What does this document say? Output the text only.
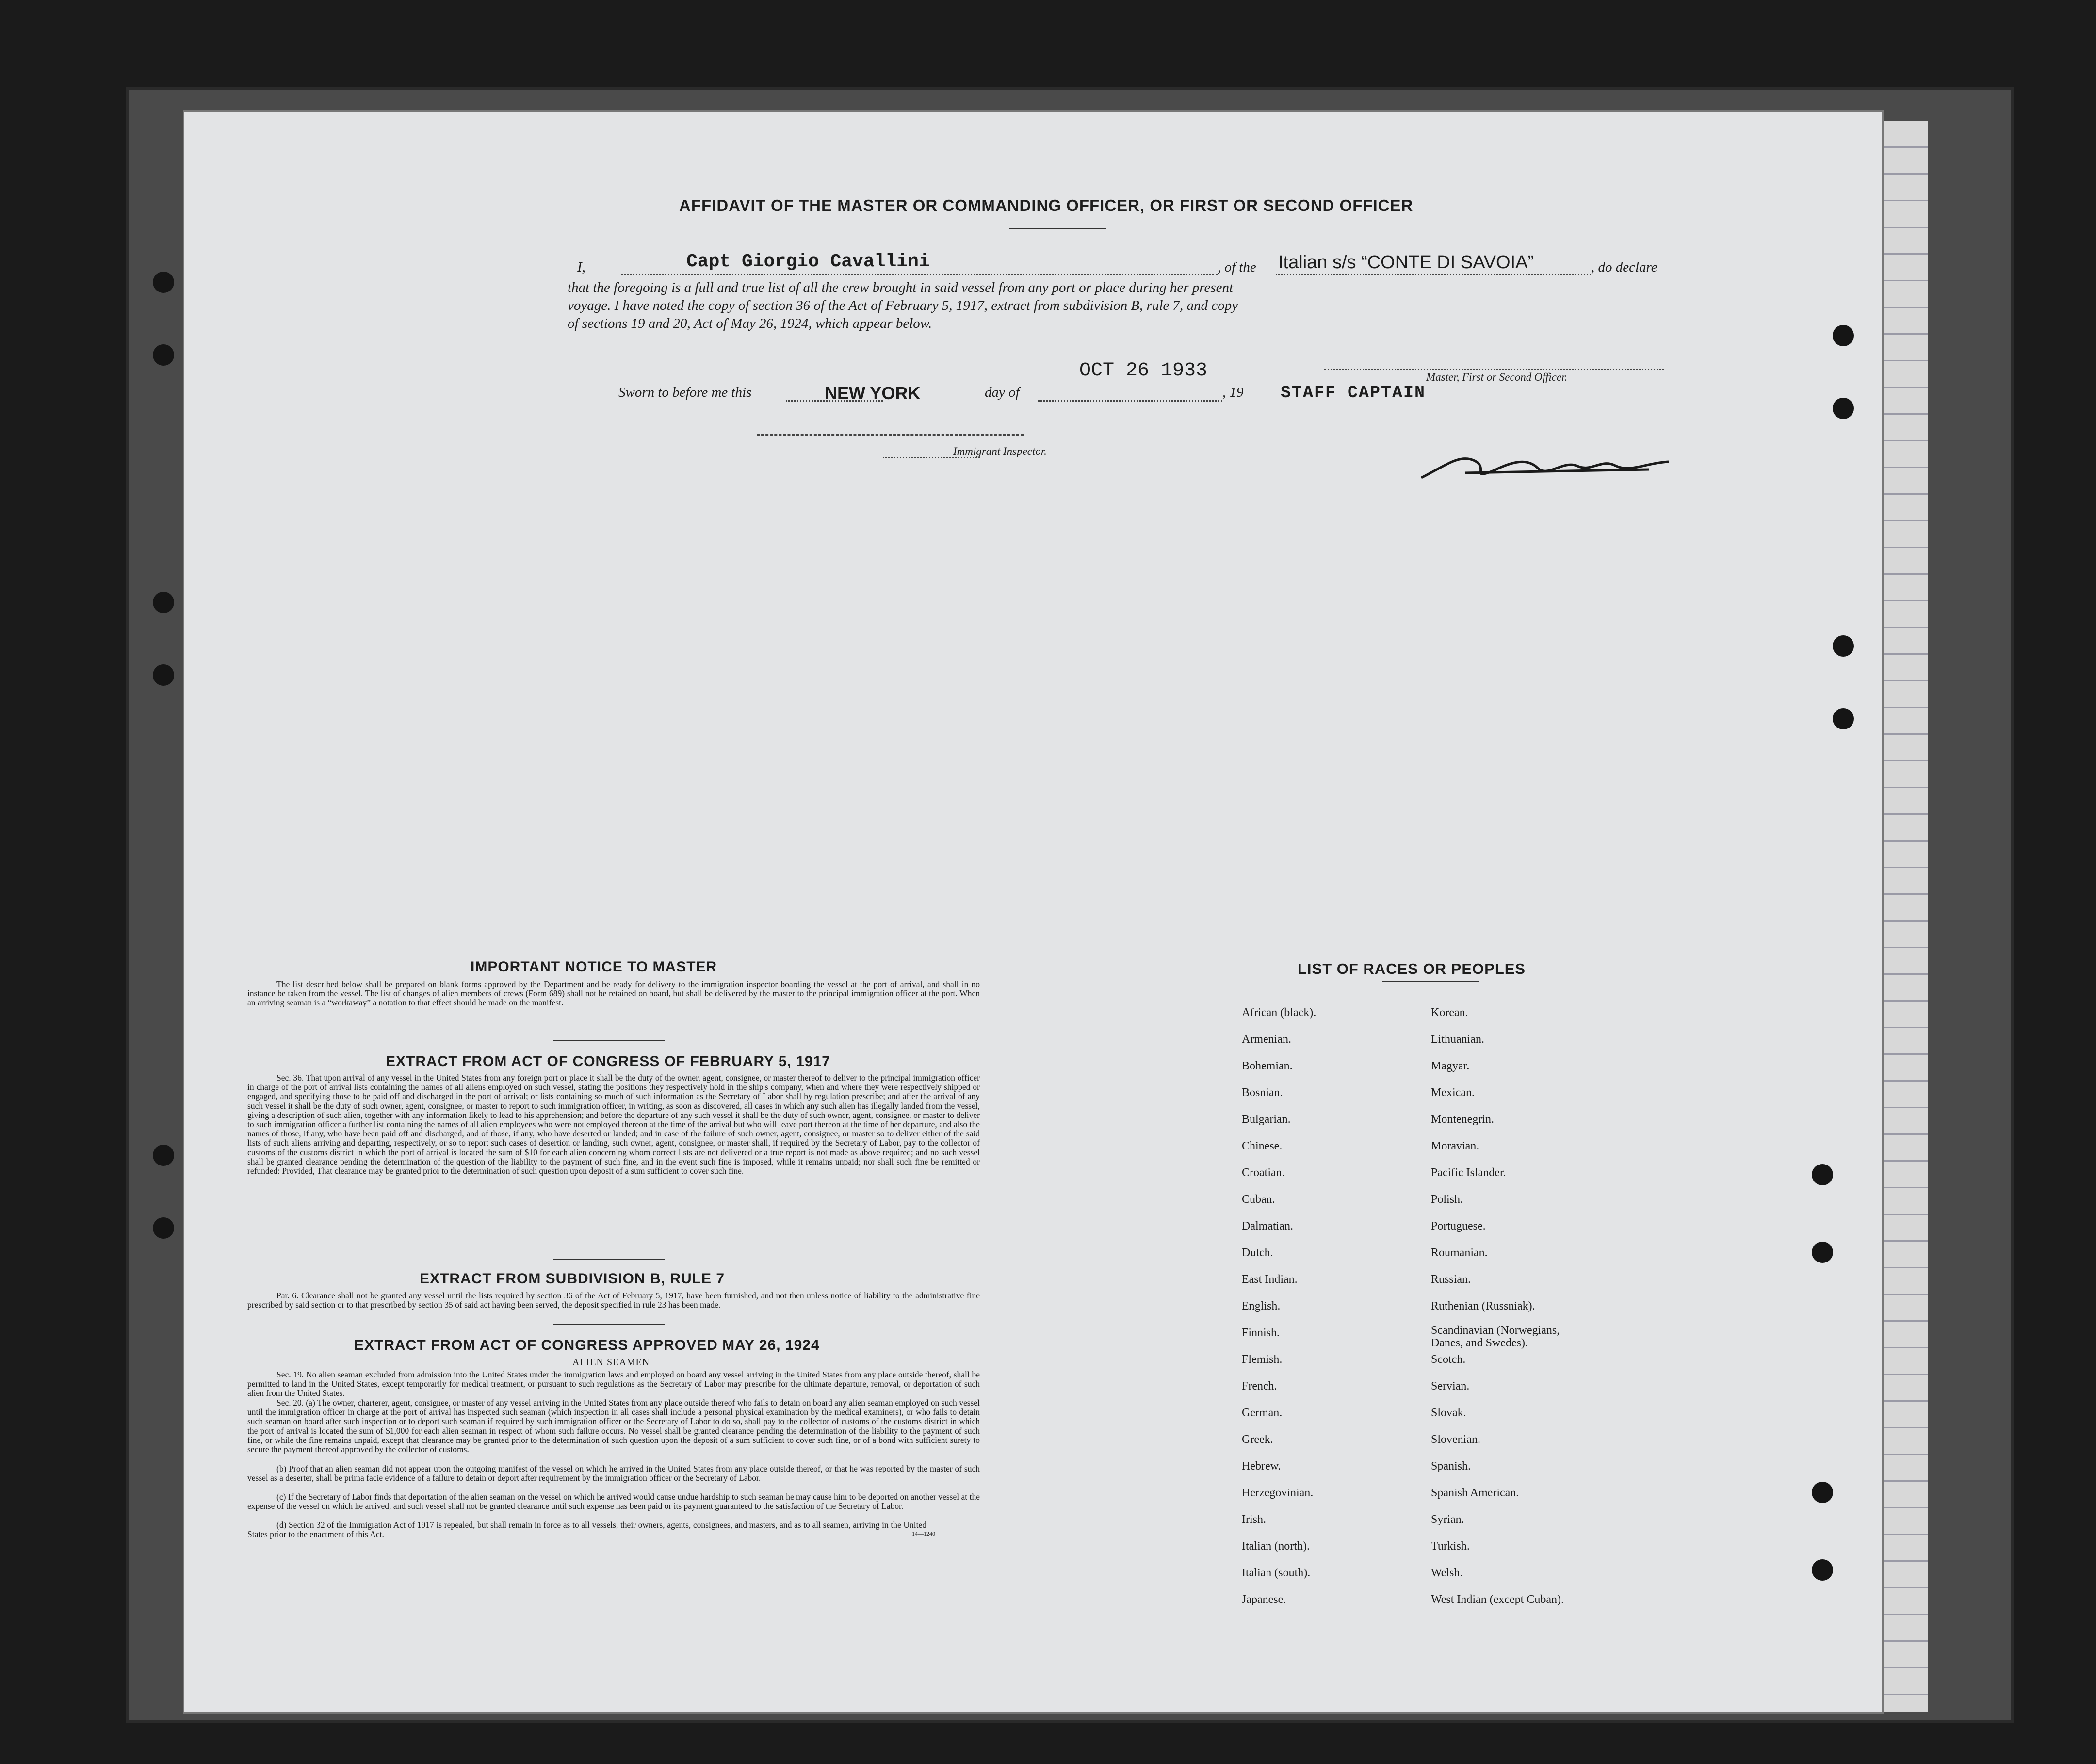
AFFIDAVIT OF THE MASTER OR COMMANDING OFFICER, OR FIRST OR SECOND OFFICER
I,	Capt Giorgio Cavallini	, of the Italian s/s “CONTE DI SAVOIA”	, do declare
that the foregoing is a full and true list of all the crew brought in said vessel from any port or place during her present
voyage. I have noted the copy of section 36 of the Act of February 5, 1917, extract from subdivision B, rule 7, and copy
of sections 19 and 20, Act of May 26, 1924, which appear below.
OCT 26 1933	Master, First or Second Officer.
Sworn to before me this	NEW YORK	day of	, 19 STAFF CAPTAIN
Immigrant Inspector.
IMPORTANT NOTICE TO MASTER
The list described below shall be prepared on blank forms approved by the Department and be ready for delivery to the immigration inspector boarding the vessel at the port of arrival, and shall in no instance be taken from the vessel. The list of changes of alien members of crews (Form 689) shall not be retained on board, but shall be delivered by the master to the principal immigration officer at the port. When an arriving seaman is a “workaway” a notation to that effect should be made on the manifest.
EXTRACT FROM ACT OF CONGRESS OF FEBRUARY 5, 1917
Sec. 36. That upon arrival of any vessel in the United States from any foreign port or place it shall be the duty of the owner, agent, consignee, or master thereof to deliver to the principal immigration officer in charge of the port of arrival lists containing the names of all aliens employed on such vessel, stating the positions they respectively hold in the ship's company, when and where they were respectively shipped or engaged, and specifying those to be paid off and discharged in the port of arrival; or lists containing so much of such information as the Secretary of Labor shall by regulation prescribe; and after the arrival of any such vessel it shall be the duty of such owner, agent, consignee, or master to report to such immigration officer, in writing, as soon as discovered, all cases in which any such alien has illegally landed from the vessel, giving a description of such alien, together with any information likely to lead to his apprehension; and before the departure of any such vessel it shall be the duty of such owner, agent, consignee, or master to deliver to such immigration officer a further list containing the names of all alien employees who were not employed thereon at the time of the arrival but who will leave port thereon at the time of her departure, and also the names of those, if any, who have been paid off and discharged, and of those, if any, who have deserted or landed; and in case of the failure of such owner, agent, consignee, or master so to deliver either of the said lists of such aliens arriving and departing, respectively, or so to report such cases of desertion or landing, such owner, agent, consignee, or master shall, if required by the Secretary of Labor, pay to the collector of customs of the customs district in which the port of arrival is located the sum of $10 for each alien concerning whom correct lists are not delivered or a true report is not made as above required; and no such vessel shall be granted clearance pending the determination of the question of the liability to the payment of such fine, and in the event such fine is imposed, while it remains unpaid; nor shall such fine be remitted or refunded: Provided, That clearance may be granted prior to the determination of such question upon deposit of a sum sufficient to cover such fine.
EXTRACT FROM SUBDIVISION B, RULE 7
Par. 6. Clearance shall not be granted any vessel until the lists required by section 36 of the Act of February 5, 1917, have been furnished, and not then unless notice of liability to the administrative fine prescribed by said section or to that prescribed by section 35 of said act having been served, the deposit specified in rule 23 has been made.
EXTRACT FROM ACT OF CONGRESS APPROVED MAY 26, 1924
ALIEN SEAMEN
Sec. 19. No alien seaman excluded from admission into the United States under the immigration laws and employed on board any vessel arriving in the United States from any place outside thereof, shall be permitted to land in the United States, except temporarily for medical treatment, or pursuant to such regulations as the Secretary of Labor may prescribe for the ultimate departure, removal, or deportation of such alien from the United States.
Sec. 20. (a) The owner, charterer, agent, consignee, or master of any vessel arriving in the United States from any place outside thereof who fails to detain on board any alien seaman employed on such vessel until the immigration officer in charge at the port of arrival has inspected such seaman (which inspection in all cases shall include a personal physical examination by the medical examiners), or who fails to detain such seaman on board after such inspection or to deport such seaman if required by such immigration officer or the Secretary of Labor to do so, shall pay to the collector of customs of the customs district in which the port of arrival is located the sum of $1,000 for each alien seaman in respect of whom such failure occurs. No vessel shall be granted clearance pending the determination of the liability to the payment of such fine, or while the fine remains unpaid, except that clearance may be granted prior to the determination of such question upon the deposit of a sum sufficient to cover such fine, or of a bond with sufficient surety to secure the payment thereof approved by the collector of customs.
(b) Proof that an alien seaman did not appear upon the outgoing manifest of the vessel on which he arrived in the United States from any place outside thereof, or that he was reported by the master of such vessel as a deserter, shall be prima facie evidence of a failure to detain or deport after requirement by the immigration officer or the Secretary of Labor.
(c) If the Secretary of Labor finds that deportation of the alien seaman on the vessel on which he arrived would cause undue hardship to such seaman he may cause him to be deported on another vessel at the expense of the vessel on which he arrived, and such vessel shall not be granted clearance until such expense has been paid or its payment guaranteed to the satisfaction of the Secretary of Labor.
(d) Section 32 of the Immigration Act of 1917 is repealed, but shall remain in force as to all vessels, their owners, agents, consignees, and masters, and as to all seamen, arriving in the United States prior to the enactment of this Act.	14—1240
LIST OF RACES OR PEOPLES
African (black).
Armenian.
Bohemian.
Bosnian.
Bulgarian.
Chinese.
Croatian.
Cuban.
Dalmatian.
Dutch.
East Indian.
English.
Finnish.
Flemish.
French.
German.
Greek.
Hebrew.
Herzegovinian.
Irish.
Italian (north).
Italian (south).
Japanese.
Korean.
Lithuanian.
Magyar.
Mexican.
Montenegrin.
Moravian.
Pacific Islander.
Polish.
Portuguese.
Roumanian.
Russian.
Ruthenian (Russniak).
Scandinavian (Norwegians, Danes, and Swedes).
Scotch.
Servian.
Slovak.
Slovenian.
Spanish.
Spanish American.
Syrian.
Turkish.
Welsh.
West Indian (except Cuban).
